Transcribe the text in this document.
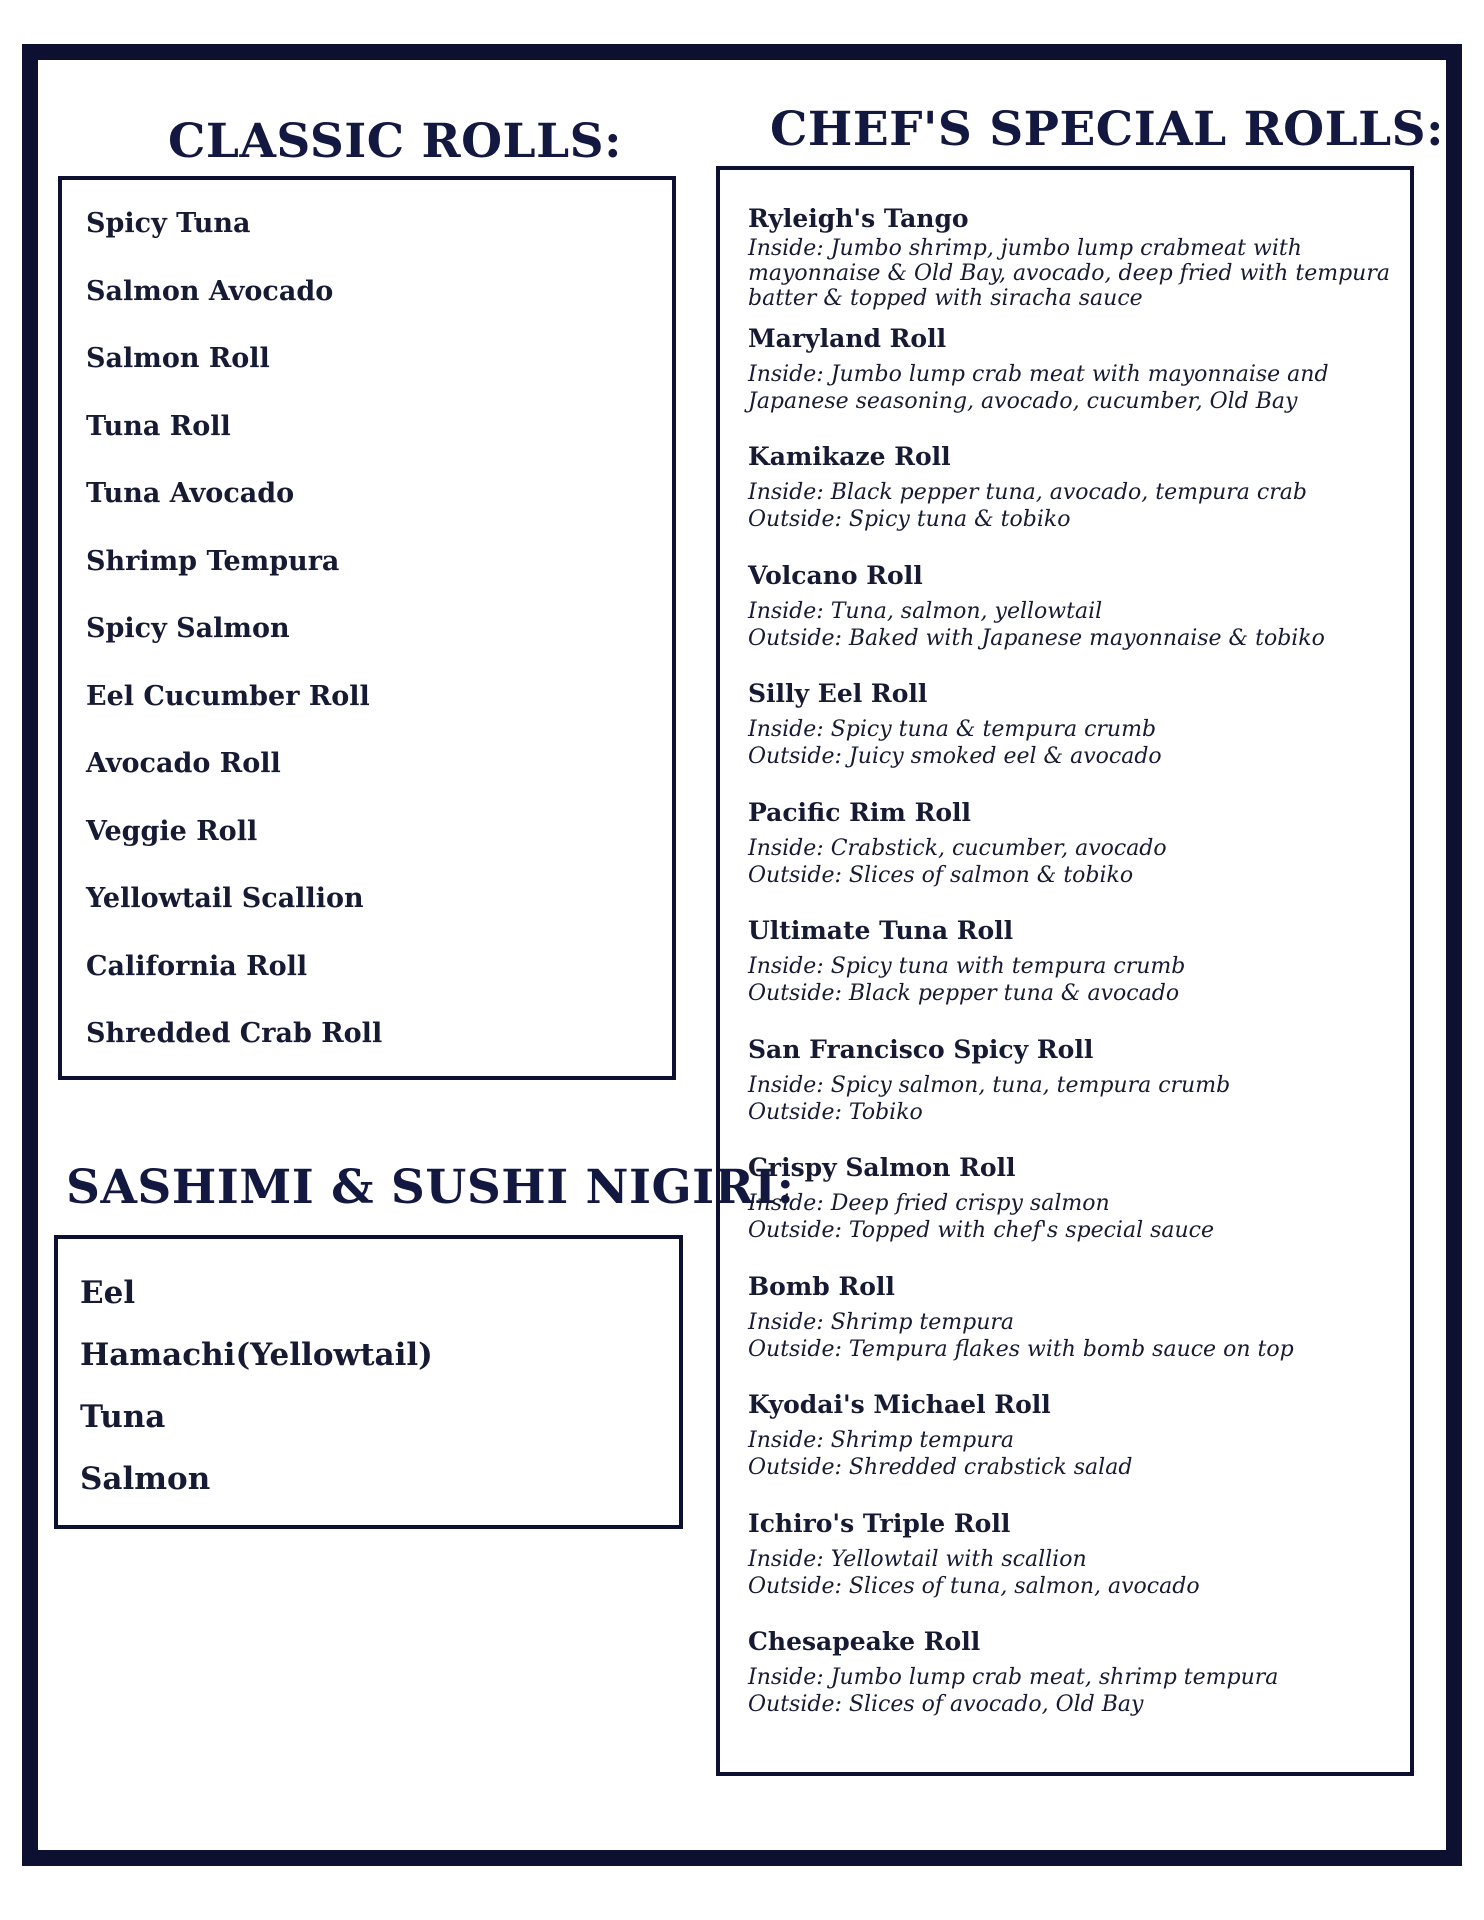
CLASSIC ROLLS:	CHEF'S SPECIAL ROLLS:
SASHIMI & SUSHI NIGIRI:
Spicy Tuna
Salmon Avocado
Salmon Roll
Tuna Roll
Tuna Avocado
Shrimp Tempura
Spicy Salmon
Eel Cucumber Roll
Avocado Roll
Veggie Roll
Yellowtail Scallion
California Roll
Shredded Crab Roll
Eel
Hamachi(Yellowtail)
Tuna
Salmon
Ryleigh's Tango
Inside: Jumbo shrimp, jumbo lump crabmeat with
mayonnaise & Old Bay, avocado, deep fried with tempura
batter & topped with siracha sauce
Maryland Roll
Inside: Jumbo lump crab meat with mayonnaise and
Japanese seasoning, avocado, cucumber, Old Bay
Kamikaze Roll
Inside: Black pepper tuna, avocado, tempura crab
Outside: Spicy tuna & tobiko
Volcano Roll
Inside: Tuna, salmon, yellowtail
Outside: Baked with Japanese mayonnaise & tobiko
Silly Eel Roll
Inside: Spicy tuna & tempura crumb
Outside: Juicy smoked eel & avocado
Pacific Rim Roll
Inside: Crabstick, cucumber, avocado
Outside: Slices of salmon & tobiko
Ultimate Tuna Roll
Inside: Spicy tuna with tempura crumb
Outside: Black pepper tuna & avocado
San Francisco Spicy Roll
Inside: Spicy salmon, tuna, tempura crumb
Outside: Tobiko
Crispy Salmon Roll
Inside: Deep fried crispy salmon
Outside: Topped with chef's special sauce
Bomb Roll
Inside: Shrimp tempura
Outside: Tempura flakes with bomb sauce on top
Kyodai's Michael Roll
Inside: Shrimp tempura
Outside: Shredded crabstick salad
Ichiro's Triple Roll
Inside: Yellowtail with scallion
Outside: Slices of tuna, salmon, avocado
Chesapeake Roll
Inside: Jumbo lump crab meat, shrimp tempura
Outside: Slices of avocado, Old Bay
